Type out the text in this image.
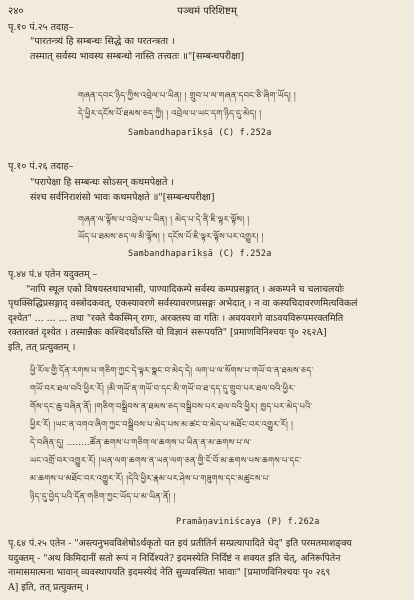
२४०	पञ्चमं परिशिष्टम्
पृ.१० पं.२५ तदाह–
"पारतन्त्र्यं हि सम्बन्धः सिद्धे का परतन्त्रता ।
तस्मात् सर्वस्य भावस्य सम्बन्धो नास्ति तत्त्वतः ॥"[सम्बन्धपरीक्षा]
གཞན་དབང་ཉིད་ཀྱིས་འབྲེལ་པ་ཡིན། ། གྲུབ་པ་ལ་གཞན་དབང་ཅི་ཞིག་ཡོད། །
དེ་ཕྱིར་དངོས་པོ་ཐམས་ཅད་ཀྱི། ། འབྲེལ་པ་ཡང་དག་ཉིད་དུ་མེད། །
Sambandhaparīkṣā (C) f.252a
पृ.१० पं.२६ तदाह–
"परापेक्षा हि सम्बन्धः सोऽसन् कथमपेक्षते ।
संश्च सर्वनिराशंसो भावः कथमपेक्षते ॥"[सम्बन्धपरीक्षा]
གཞན་ལ་ལྟོས་པ་འབྲེལ་པ་ཡིན། ། མེད་པ་དེ་ནི་ཇི་ལྟར་ལྟོས། །
ཡོད་པ་ཐམས་ཅད་ལ་མི་ལྟོས། ། དངོས་པོ་ཇི་ལྟར་ལྟོས་པར་འགྱུར། །
Sambandhaparīkṣā (C) f.252a
पृ.४४ पं.४ एतेन यदुक्तम् –
"नापि स्थूल एको विषयस्तथावभासी, पाण्यादिकम्पे सर्वस्य कम्पप्रसङ्गात् । अकम्पने च चलाचलयोः
पृथक्सिद्धिप्रसङ्गाद् वस्त्रोदकवत्, एकस्यावरणे सर्वस्यावरणप्रसङ्गः अभेदात् । न वा कस्यचिदावरणमित्यविकलं
दृश्येत" ... ... ... तथा "रक्ते चैकस्मिन् रागः, अरक्तस्य वा गतिः । अवयवरागे वाऽवयविरूपमरक्तमिति
रक्तारक्तं दृश्येत । तस्मान्नैकः कश्चिदर्थोऽस्ति यो विज्ञानं सरूपयति" [प्रमाणविनिश्चयः पृ० २६२A]
इति, तत् प्रत्युक्तम् ।
ཕྱི་རོལ་གྱི་དོན་རགས་པ་གཅིག་ཀྱང་དེ་ལྟར་སྣང་བ་མེད་དེ། ལག་པ་ལ་སོགས་པ་གཡོ་བ་ན་ཐམས་ཅད་
གཡོ་བར་ཐལ་བའི་ཕྱིར་རོ། །མི་གཡོ་ན་གཡོ་བ་དང་མི་གཡོ་བ་ཐ་དད་དུ་གྲུབ་པར་ཐལ་བའི་ཕྱིར་
གོས་དང་ཆུ་བཞིན་ནོ། །གཅིག་བསྒྲིབས་ན་ཐམས་ཅད་བསྒྲིབས་པར་ཐལ་བའི་ཕྱིར། ཁྱད་པར་མེད་པའི་
ཕྱིར་རོ། །ཡང་ན་འགའ་ཞིག་ཀྱང་བསྒྲིབས་པ་མེད་པས་མ་ཚང་བ་མེད་པ་མཐོང་བར་འགྱུར་རོ། །
དེ་བཞིན་དུ། ........ཚོན་ཆགས་པ་གཅིག་ལ་ཆགས་པ་ཡིན་ན་མ་ཆགས་པ་ལ་
ཡང་འགྲོ་བར་འགྱུར་རོ། །ཡན་ལག་ཆགས་ན་ཡན་ལག་ཅན་གྱི་ངོ་བོ་མ་ཆགས་པས་ཆགས་པ་དང་
མ་ཆགས་པ་མཐོང་བར་འགྱུར་རོ། །དེའི་ཕྱིར་རྣམ་པར་ཤེས་པ་གཟུགས་དང་མཚུངས་པ་
ཉིད་དུ་བྱེད་པའི་དོན་གཅིག་ཀྱང་ཡོད་པ་མ་ཡིན་ནོ། །
Pramāṇaviniścaya (P) f.262a
पृ.६४ पं.२५ एतेन - "अस्त्यनुभवविशेषोऽर्थकृतो यत इयं प्रतीतिर्न सम्प्रत्यापादिते चेद्" इति परमतमाशङ्क्य
यदुक्तम् - "अथ किमिदानीं सतो रूपं न निर्दिश्यते? इदमस्येति निर्दिष्टं न शक्यत इति चेत्, अनिरूपितेन
नामासमात्मना भावान् व्यवस्थापयति इदमस्येदं नेति सुव्यवस्थिता भावाः" [प्रमाणविनिश्चयः पृ० २६९
A] इति, तत् प्रत्युक्तम् ।
